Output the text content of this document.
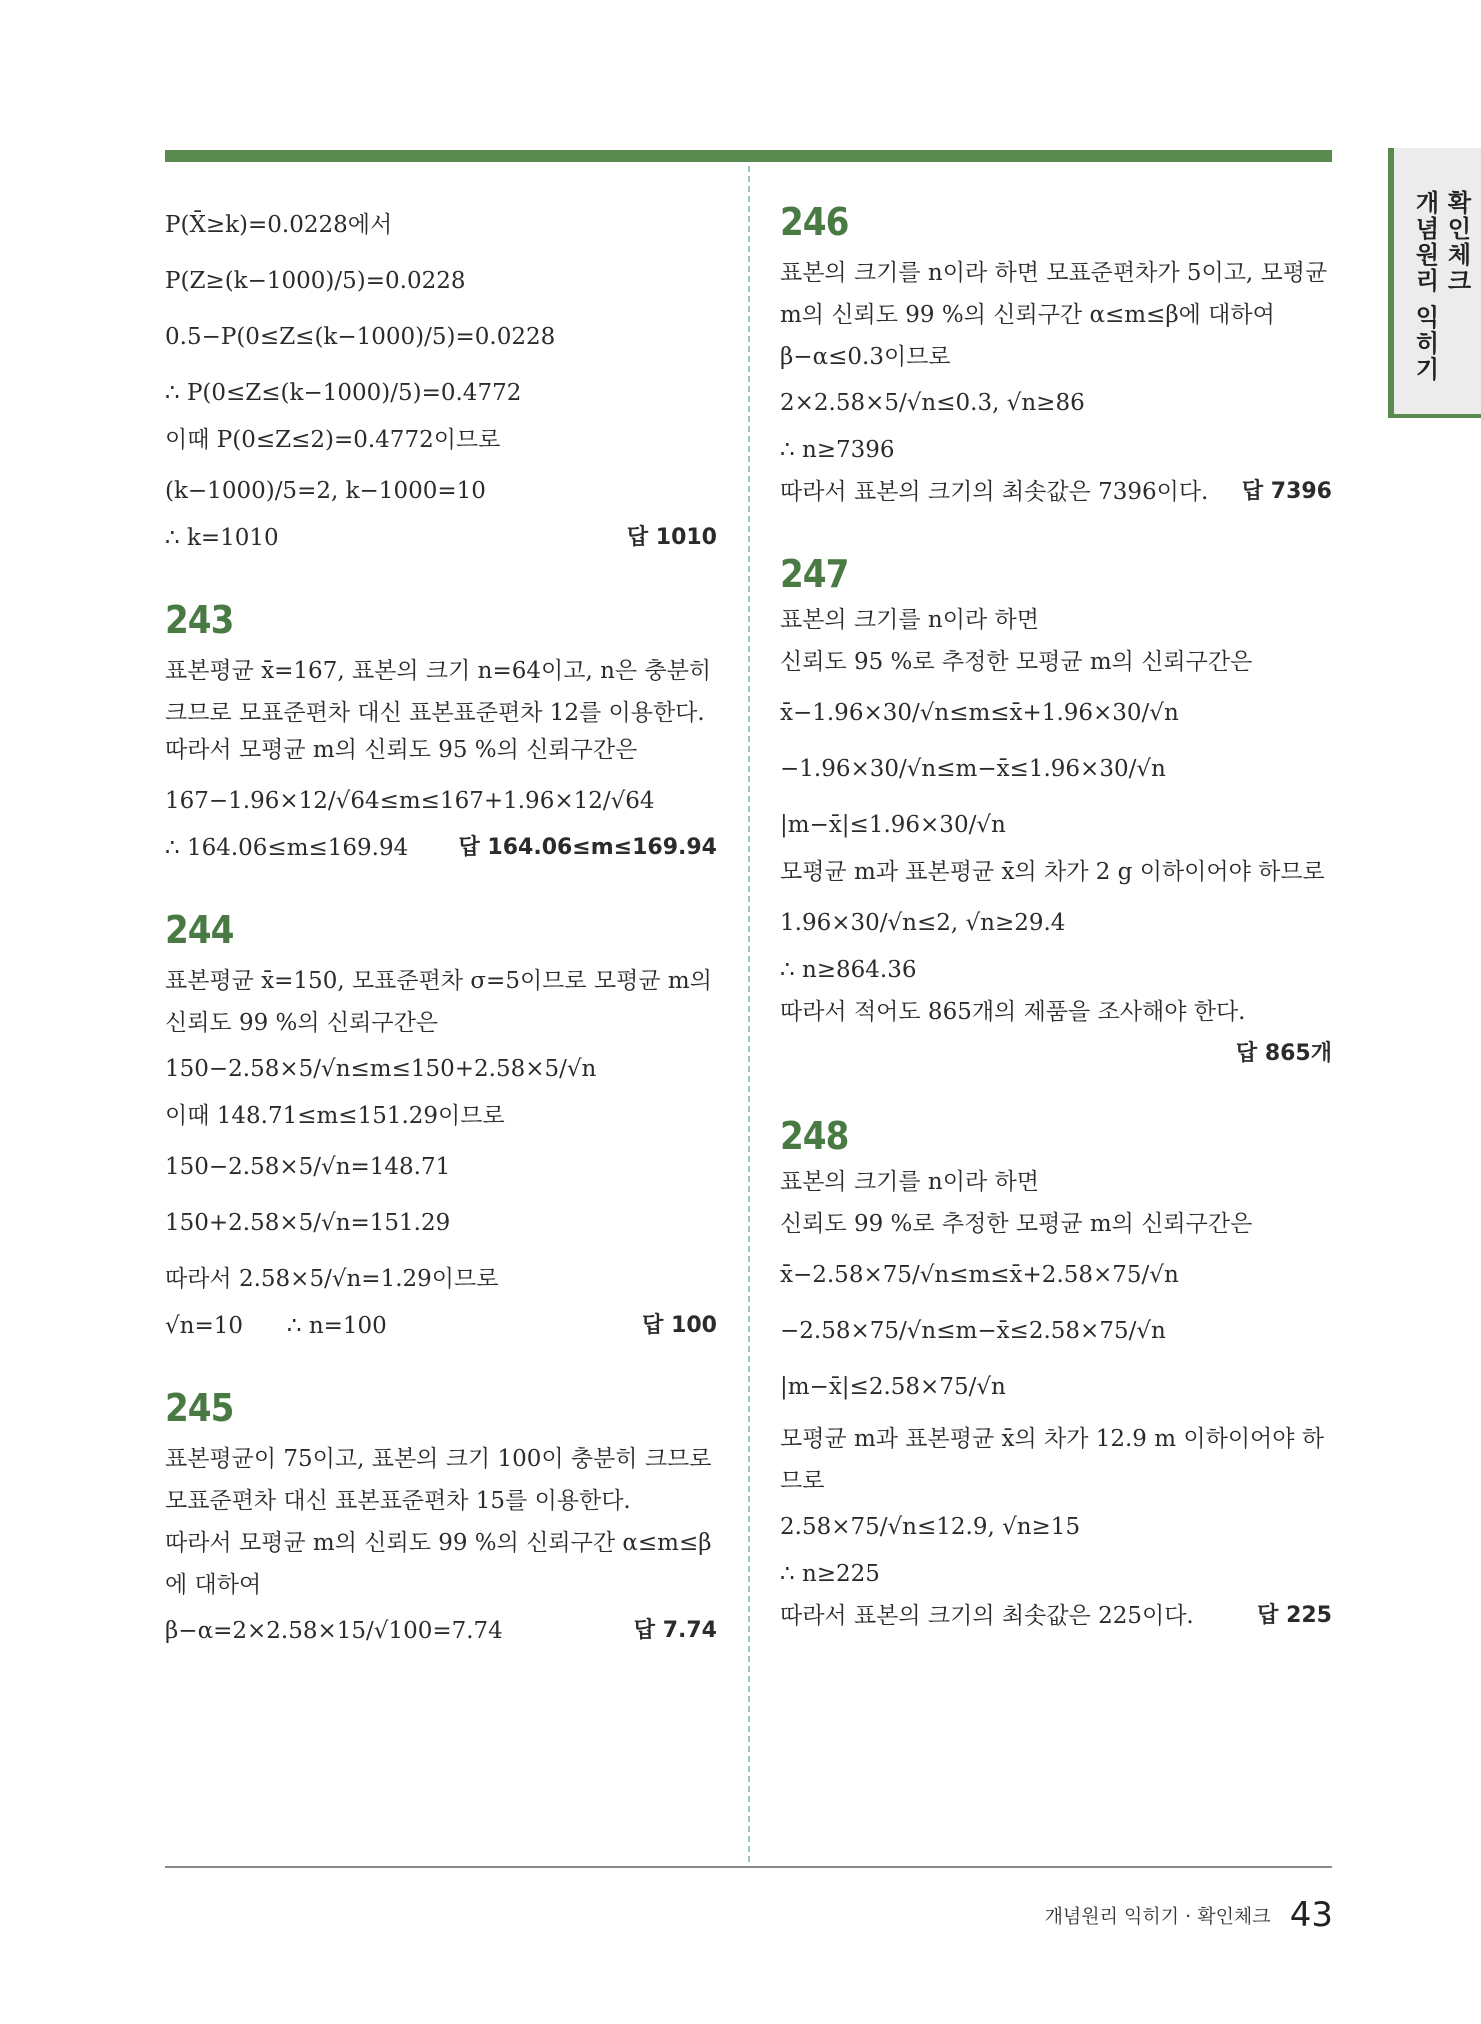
개념원리 익히기 확인체크
P(X̄≥k)=0.0228에서
P(Z≥(k−1000)/5)=0.0228
0.5−P(0≤Z≤(k−1000)/5)=0.0228
∴ P(0≤Z≤(k−1000)/5)=0.4772
이때 P(0≤Z≤2)=0.4772이므로
(k−1000)/5=2, k−1000=10
∴ k=1010	답 1010
243
표본평균 x̄=167, 표본의 크기 n=64이고, n은 충분히 크므로 모표준편차 대신 표본표준편차 12를 이용한다.
따라서 모평균 m의 신뢰도 95 %의 신뢰구간은
167−1.96×12/√64≤m≤167+1.96×12/√64
∴ 164.06≤m≤169.94 답 164.06≤m≤169.94
244
표본평균 x̄=150, 모표준편차 σ=5이므로 모평균 m의 신뢰도 99 %의 신뢰구간은
150−2.58×5/√n≤m≤150+2.58×5/√n
이때 148.71≤m≤151.29이므로
150−2.58×5/√n=148.71
150+2.58×5/√n=151.29
따라서 2.58×5/√n=1.29이므로
√n=10      ∴ n=100	답 100
245
표본평균이 75이고, 표본의 크기 100이 충분히 크므로 모표준편차 대신 표본표준편차 15를 이용한다.
따라서 모평균 m의 신뢰도 99 %의 신뢰구간 α≤m≤β에 대하여
β−α=2×2.58×15/√100=7.74	답 7.74
246
표본의 크기를 n이라 하면 모표준편차가 5이고, 모평균 m의 신뢰도 99 %의 신뢰구간 α≤m≤β에 대하여 β−α≤0.3이므로
2×2.58×5/√n≤0.3, √n≥86
∴ n≥7396
따라서 표본의 크기의 최솟값은 7396이다. 답 7396
247
표본의 크기를 n이라 하면
신뢰도 95 %로 추정한 모평균 m의 신뢰구간은
x̄−1.96×30/√n≤m≤x̄+1.96×30/√n
−1.96×30/√n≤m−x̄≤1.96×30/√n
|m−x̄|≤1.96×30/√n
모평균 m과 표본평균 x̄의 차가 2 g 이하이어야 하므로
1.96×30/√n≤2, √n≥29.4
∴ n≥864.36
따라서 적어도 865개의 제품을 조사해야 한다.
답 865개
248
표본의 크기를 n이라 하면
신뢰도 99 %로 추정한 모평균 m의 신뢰구간은
x̄−2.58×75/√n≤m≤x̄+2.58×75/√n
−2.58×75/√n≤m−x̄≤2.58×75/√n
|m−x̄|≤2.58×75/√n
모평균 m과 표본평균 x̄의 차가 12.9 m 이하이어야 하므로
2.58×75/√n≤12.9, √n≥15
∴ n≥225
따라서 표본의 크기의 최솟값은 225이다.	답 225
개념원리 익히기 · 확인체크 43
